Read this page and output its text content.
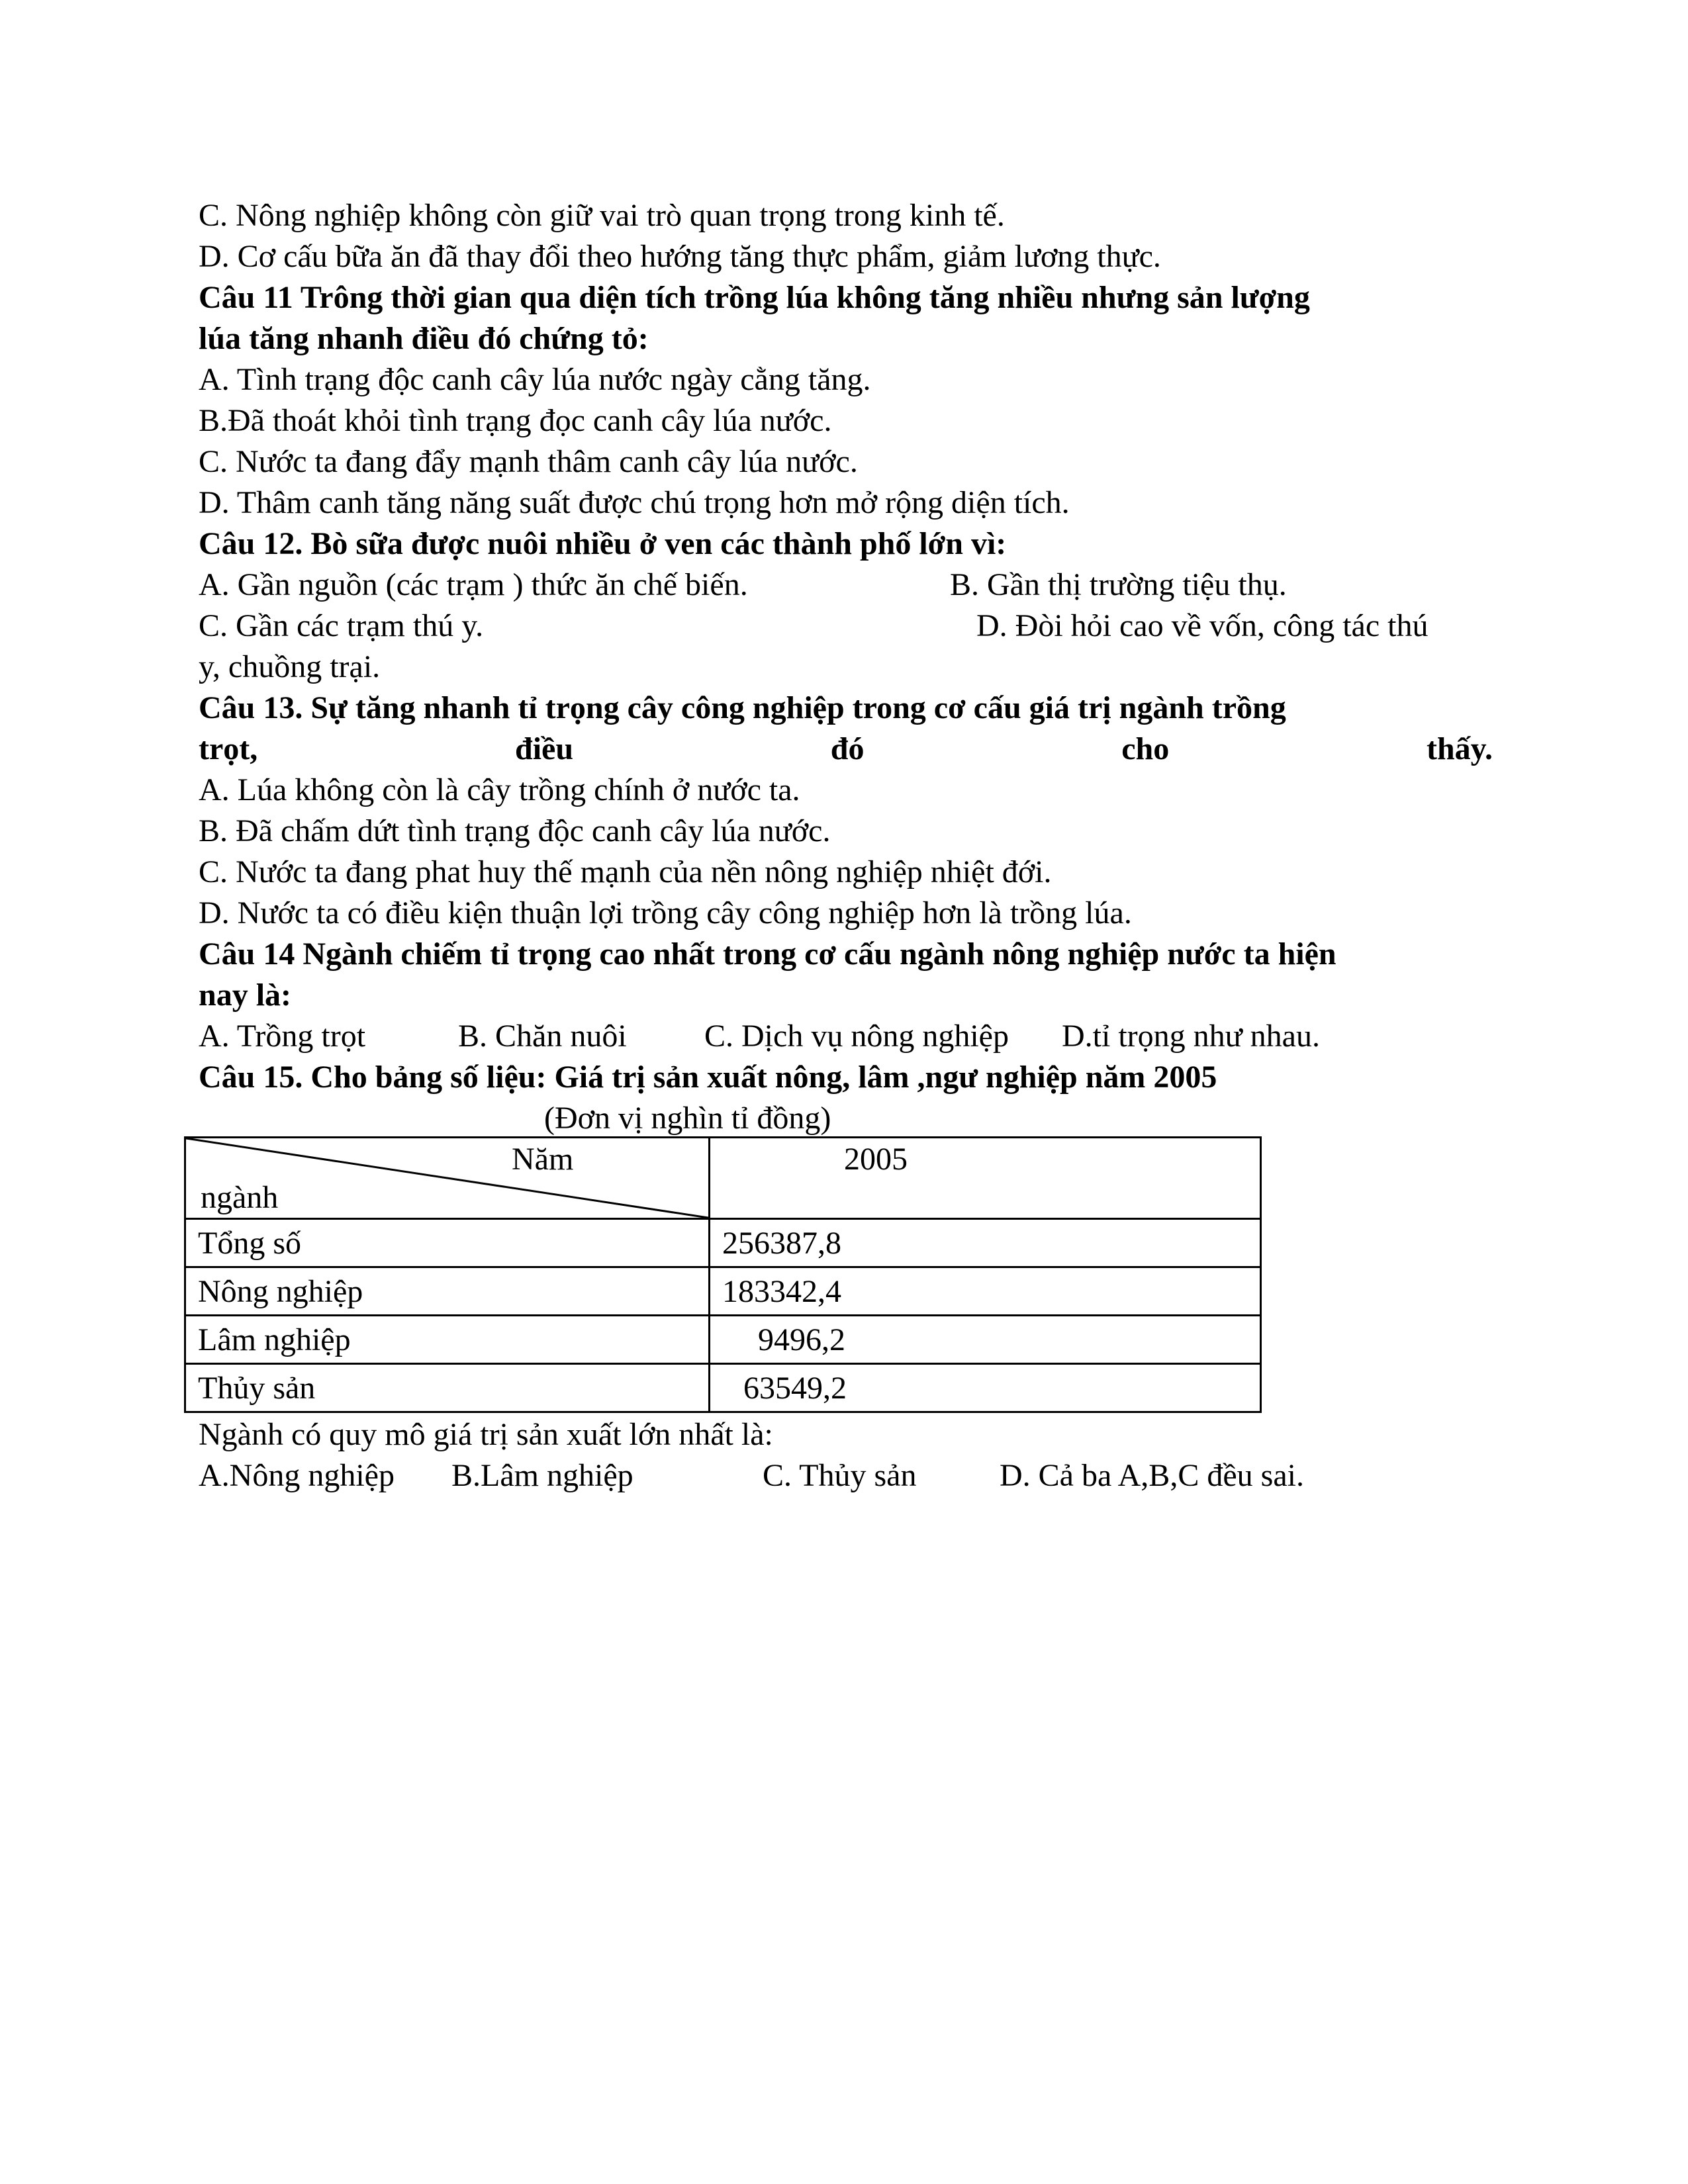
C. Nông nghiệp không còn giữ vai trò quan trọng trong kinh tế.
D. Cơ cấu bữa ăn đã thay đổi theo hướng tăng thực phẩm, giảm lương thực.
Câu 11 Trông thời gian qua diện tích trồng lúa không tăng nhiều nhưng sản lượng
lúa tăng nhanh điều đó chứng tỏ:
A. Tình trạng độc canh cây lúa nước ngày cằng tăng.
B.Đã thoát khỏi tình trạng đọc canh cây lúa nước.
C. Nước ta đang đẩy mạnh thâm canh cây lúa nước.
D. Thâm canh tăng năng suất được chú trọng hơn mở rộng diện tích.
Câu 12. Bò sữa được nuôi nhiều ở ven các thành phố lớn vì:
A. Gần nguồn (các trạm ) thức ăn chế biến.	B. Gần thị trường tiệu thụ.
C. Gần các trạm thú y.	D. Đòi hỏi cao về vốn, công tác thú
y, chuồng trại.
Câu 13. Sự tăng nhanh tỉ trọng cây công nghiệp trong cơ cấu giá trị ngành trồng
trọt, điều đó cho thấy.
A. Lúa không còn là cây trồng chính ở nước ta.
B. Đã chấm dứt tình trạng độc canh cây lúa nước.
C. Nước ta đang phat huy thế mạnh của nền nông nghiệp nhiệt đới.
D. Nước ta có điều kiện thuận lợi trồng cây công nghiệp hơn là trồng lúa.
Câu 14 Ngành chiếm tỉ trọng cao nhất trong cơ cấu ngành nông nghiệp nước ta hiện
nay là:
A. Trồng trọt	B. Chăn nuôi	C. Dịch vụ nông nghiệp	D.tỉ trọng như nhau.
Câu 15. Cho bảng số liệu: Giá trị sản xuất nông, lâm ,ngư nghiệp năm 2005
(Đơn vị nghìn tỉ đồng)
Năm
ngành	2005

Tổng số	256387,8
Nông nghiệp	183342,4
Lâm nghiệp	9496,2
Thủy sản	63549,2
Ngành có quy mô giá trị sản xuất lớn nhất là:
A.Nông nghiệp	B.Lâm nghiệp	C. Thủy sản	D. Cả ba A,B,C đều sai.
